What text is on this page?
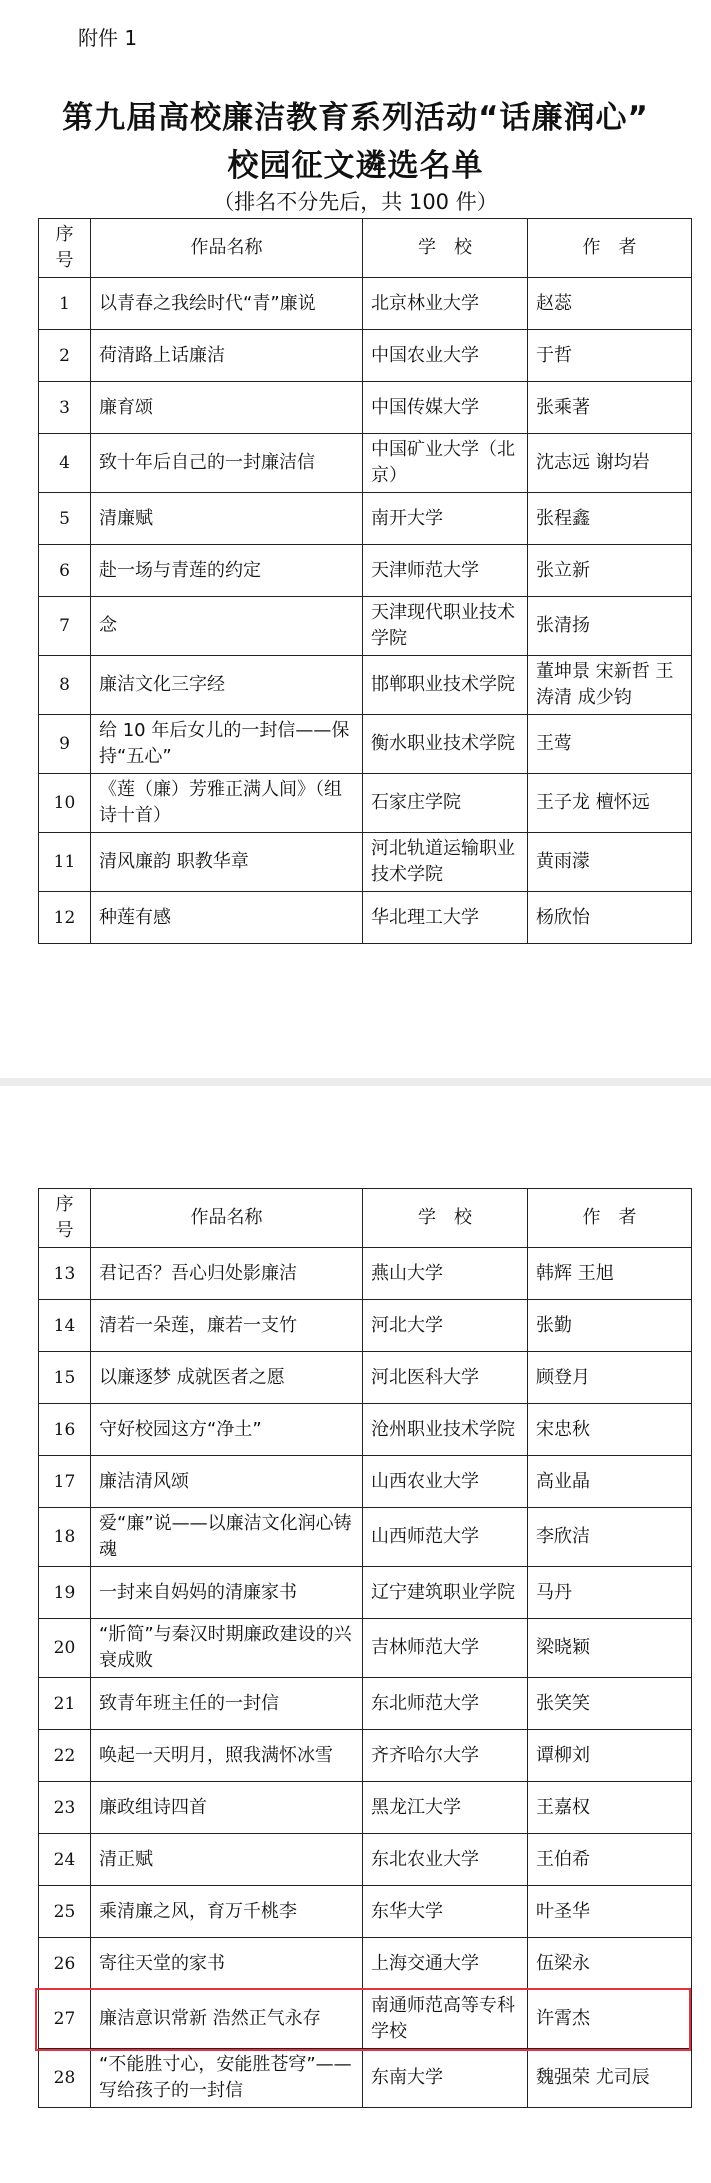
附件 1
第九届高校廉洁教育系列活动“话廉润心”
校园征文遴选名单
（排名不分先后，共 100 件）
序号	作品名称	学　校	作　者
1	以青春之我绘时代“青”廉说	北京林业大学	赵蕊
2	荷清路上话廉洁	中国农业大学	于哲
3	廉育颂	中国传媒大学	张乘著
4	致十年后自己的一封廉洁信	中国矿业大学（北京）	沈志远 谢均岩
5	清廉赋	南开大学	张程鑫
6	赴一场与青莲的约定	天津师范大学	张立新
7	念	天津现代职业技术学院	张清扬
8	廉洁文化三字经	邯郸职业技术学院	董坤景 宋新哲 王涛清 成少钧
9	给 10 年后女儿的一封信——保持“五心”	衡水职业技术学院	王莺
10	《莲（廉）芳雅正满人间》（组诗十首）	石家庄学院	王子龙 檀怀远
11	清风廉韵 职教华章	河北轨道运输职业技术学院	黄雨濛
12	种莲有感	华北理工大学	杨欣怡
序号	作品名称	学　校	作　者
13	君记否？吾心归处影廉洁	燕山大学	韩辉 王旭
14	清若一朵莲，廉若一支竹	河北大学	张勤
15	以廉逐梦 成就医者之愿	河北医科大学	顾登月
16	守好校园这方“净土”	沧州职业技术学院	宋忠秋
17	廉洁清风颂	山西农业大学	高业晶
18	爱“廉”说——以廉洁文化润心铸魂	山西师范大学	李欣洁
19	一封来自妈妈的清廉家书	辽宁建筑职业学院	马丹
20	“斨简”与秦汉时期廉政建设的兴衰成败	吉林师范大学	梁晓颖
21	致青年班主任的一封信	东北师范大学	张笑笑
22	唤起一天明月，照我满怀冰雪	齐齐哈尔大学	谭柳刘
23	廉政组诗四首	黑龙江大学	王嘉权
24	清正赋	东北农业大学	王伯希
25	乘清廉之风，育万千桃李	东华大学	叶圣华
26	寄往天堂的家书	上海交通大学	伍梁永
27	廉洁意识常新 浩然正气永存	南通师范高等专科学校	许霄杰
28	“不能胜寸心，安能胜苍穹”——写给孩子的一封信	东南大学	魏强荣 尤司辰
